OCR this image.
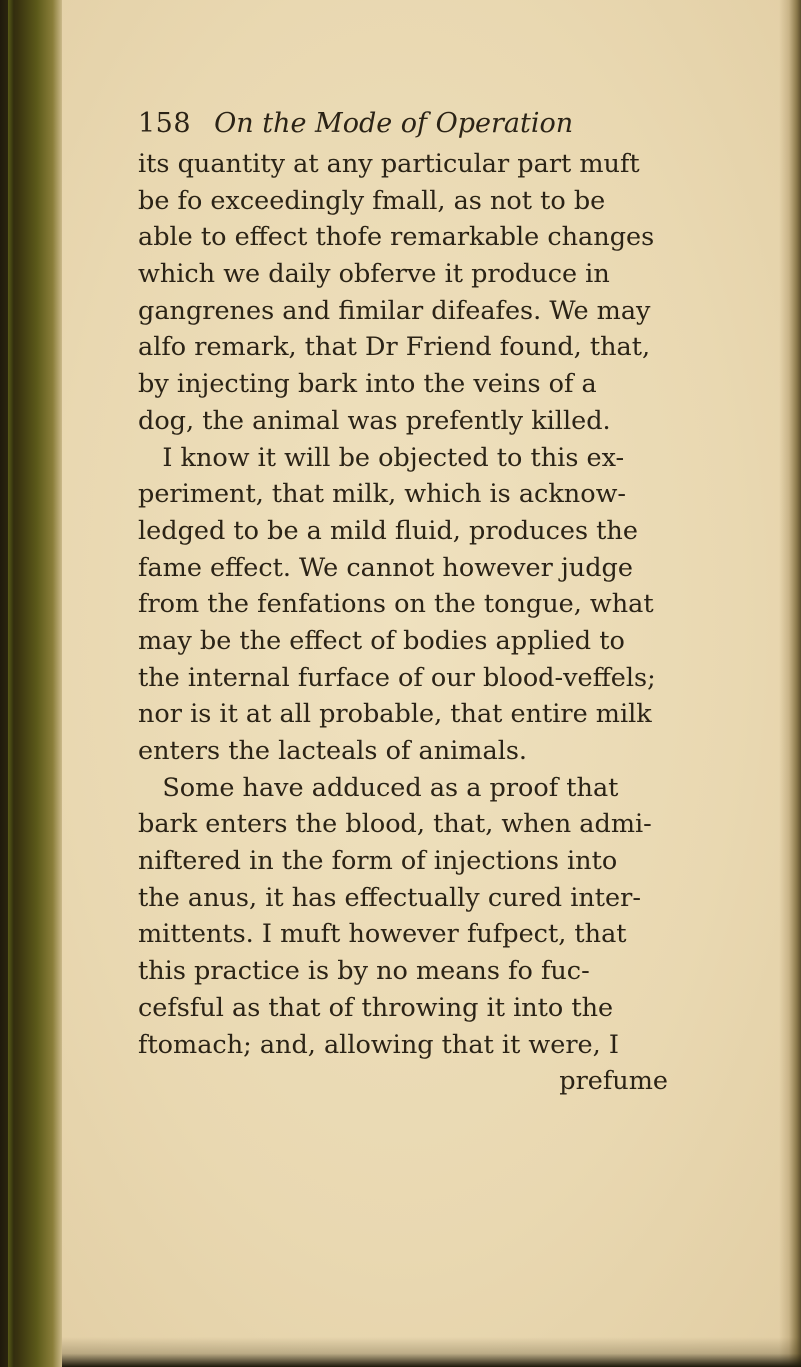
158 On the Mode of Operation
its quantity at any particular part muft
be fo exceedingly fmall, as not to be
able to effect thofe remarkable changes
which we daily obferve it produce in
gangrenes and fimilar difeafes. We may
alfo remark, that Dr Friend found, that,
by injecting bark into the veins of a
dog, the animal was prefently killed.
I know it will be objected to this ex-
periment, that milk, which is acknow-
ledged to be a mild fluid, produces the
fame effect. We cannot however judge
from the fenfations on the tongue, what
may be the effect of bodies applied to
the internal furface of our blood-veffels;
nor is it at all probable, that entire milk
enters the lacteals of animals.
Some have adduced as a proof that
bark enters the blood, that, when admi-
niftered in the form of injections into
the anus, it has effectually cured inter-
mittents. I muft however fufpect, that
this practice is by no means fo fuc-
cefsful as that of throwing it into the
ftomach; and, allowing that it were, I
prefume
